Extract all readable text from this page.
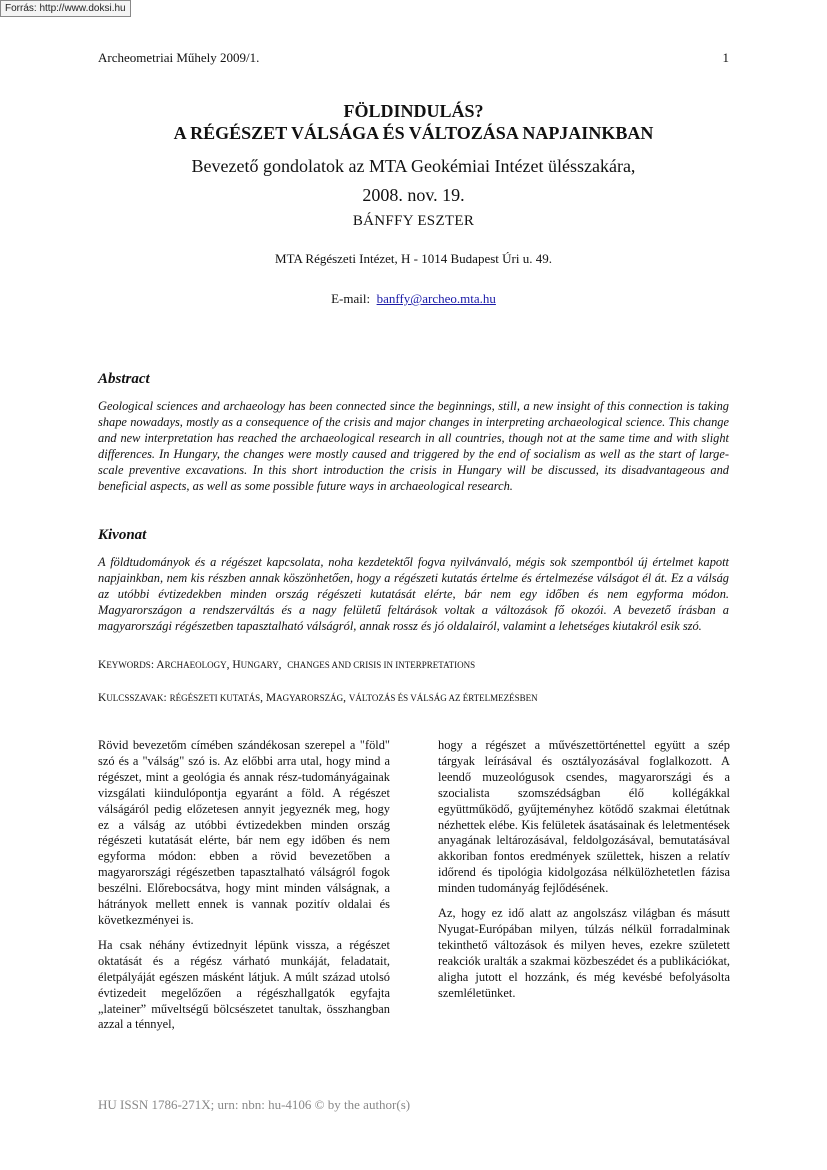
Forrás: http://www.doksi.hu
Archeometriai Műhely 2009/1.	1
FÖLDINDULÁS?
A RÉGÉSZET VÁLSÁGA ÉS VÁLTOZÁSA NAPJAINKBAN
Bevezető gondolatok az MTA Geokémiai Intézet ülésszakára,
2008. nov. 19.
BÁNFFY ESZTER
MTA Régészeti Intézet, H - 1014 Budapest Úri u. 49.
E-mail: banffy@archeo.mta.hu
Abstract
Geological sciences and archaeology has been connected since the beginnings, still, a new insight of this connection is taking shape nowadays, mostly as a consequence of the crisis and major changes in interpreting archaeological science. This change and new interpretation has reached the archaeological research in all countries, though not at the same time and with slight differences. In Hungary, the changes were mostly caused and triggered by the end of socialism as well as the start of large-scale preventive excavations. In this short introduction the crisis in Hungary will be discussed, its disadvantageous and beneficial aspects, as well as some possible future ways in archaeological research.
Kivonat
A földtudományok és a régészet kapcsolata, noha kezdetektől fogva nyilvánvaló, mégis sok szempontból új értelmet kapott napjainkban, nem kis részben annak köszönhetően, hogy a régészeti kutatás értelme és értelmezése válságot él át. Ez a válság az utóbbi évtizedekben minden ország régészeti kutatását elérte, bár nem egy időben és nem egyforma módon. Magyarországon a rendszerváltás és a nagy felületű feltárások voltak a változások fő okozói. A bevezető írásban a magyarországi régészetben tapasztalható válságról, annak rossz és jó oldalairól, valamint a lehetséges kiutakról esik szó.
KEYWORDS: ARCHAEOLOGY, HUNGARY, CHANGES AND CRISIS IN INTERPRETATIONS
KULCSSZAVAK: RÉGÉSZETI KUTATÁS, MAGYARORSZÁG, VÁLTOZÁS ÉS VÁLSÁG AZ ÉRTELMEZÉSBEN

Rövid bevezetőm címében szándékosan szerepel a "föld" szó és a "válság" szó is. Az előbbi arra utal, hogy mind a régészet, mint a geológia és annak rész-tudományágainak vizsgálati kiindulópontja egyaránt a föld. A régészet válságáról pedig előzetesen annyit jegyeznék meg, hogy ez a válság az utóbbi évtizedekben minden ország régészeti kutatását elérte, bár nem egy időben és nem egyforma módon: ebben a rövid bevezetőben a magyarországi régészetben tapasztalható válságról fogok beszélni. Előrebocsátva, hogy mint minden válságnak, a hátrányok mellett ennek is vannak pozitív oldalai és következményei is.

Ha csak néhány évtizednyit lépünk vissza, a régészet oktatását és a régész várható munkáját, feladatait, életpályáját egészen másként látjuk. A múlt század utolsó évtizedeit megelőzően a régészhallgatók egyfajta „lateiner” műveltségű bölcsészetet tanultak, összhangban azzal a ténnyel,

hogy a régészet a művészettörténettel együtt a szép tárgyak leírásával és osztályozásával foglalkozott. A leendő muzeológusok csendes, magyarországi és a szocialista szomszédságban élő kollégákkal együttműködő, gyűjteményhez kötődő szakmai életútnak nézhettek elébe. Kis felületek ásatásainak és leletmentések anyagának leltározásával, feldolgozásával, bemutatásával akkoriban fontos eredmények születtek, hiszen a relatív időrend és tipológia kidolgozása nélkülözhetetlen fázisa minden tudományág fejlődésének.

Az, hogy ez idő alatt az angolszász világban és másutt Nyugat-Európában milyen, túlzás nélkül forradalminak tekinthető változások és milyen heves, ezekre született reakciók uralták a szakmai közbeszédet és a publikációkat, aligha jutott el hozzánk, és még kevésbé befolyásolta szemléletünket.

HU ISSN 1786-271X; urn: nbn: hu-4106 © by the author(s)
